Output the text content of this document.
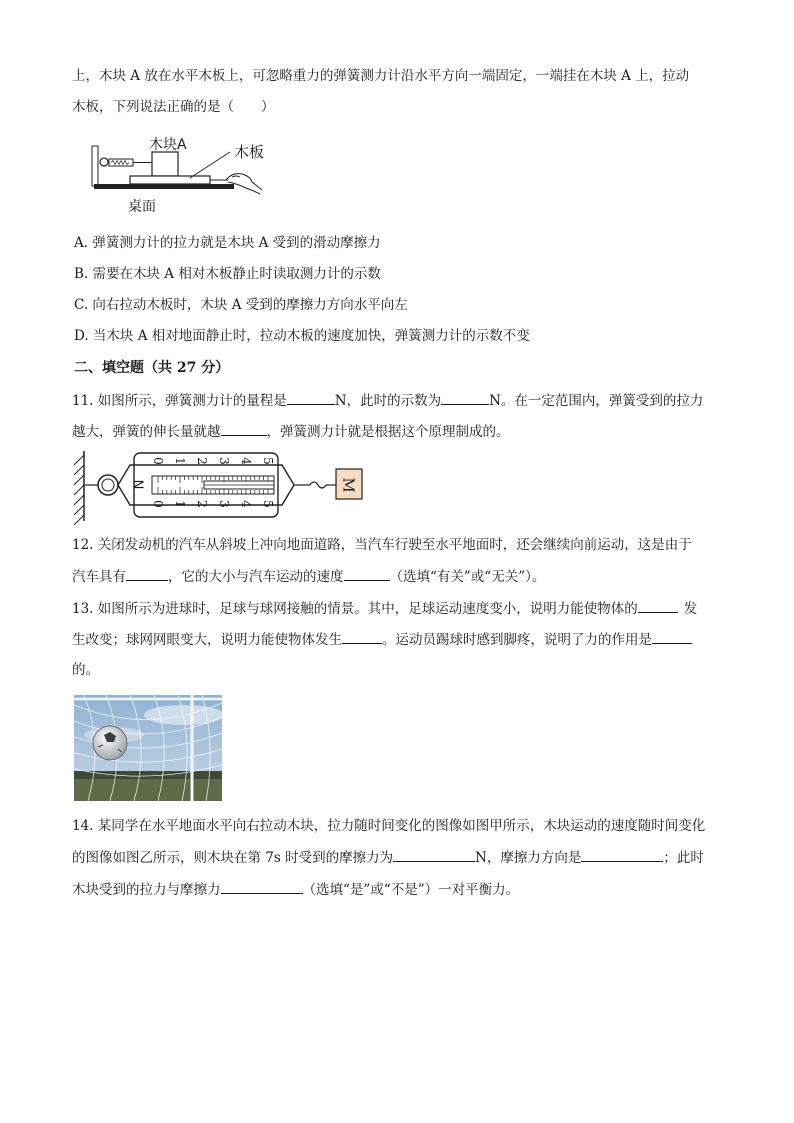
上，木块 A 放在水平木板上，可忽略重力的弹簧测力计沿水平方向一端固定，一端挂在木块 A 上，拉动
木板，下列说法正确的是（　　）
木块A	木板
桌面
A. 弹簧测力计的拉力就是木块 A 受到的滑动摩擦力
B. 需要在木块 A 相对木板静止时读取测力计的示数
C. 向右拉动木板时，木块 A 受到的摩擦力方向水平向左
D. 当木块 A 相对地面静止时，拉动木板的速度加快，弹簧测力计的示数不变
二、填空题（共 27 分）
11. 如图所示，弹簧测力计的量程是	N，此时的示数为	N。在一定范围内，弹簧受到的拉力
越大，弹簧的伸长量就越	，弹簧测力计就是根据这个原理制成的。
N
0
0
1
1
2
2
3
3
4
4
5
5
M
12. 关闭发动机的汽车从斜坡上冲向地面道路，当汽车行驶至水平地面时，还会继续向前运动，这是由于
汽车具有	，它的大小与汽车运动的速度	（选填“有关”或“无关”）。
13. 如图所示为进球时，足球与球网接触的情景。其中，足球运动速度变小，说明力能使物体的	发
生改变；球网网眼变大，说明力能使物体发生	。运动员踢球时感到脚疼，说明了力的作用是
的。
14. 某同学在水平地面水平向右拉动木块，拉力随时间变化的图像如图甲所示，木块运动的速度随时间变化
的图像如图乙所示，则木块在第 7s 时受到的摩擦力为	N，摩擦力方向是	；此时
木块受到的拉力与摩擦力	（选填“是”或“不是”）一对平衡力。
